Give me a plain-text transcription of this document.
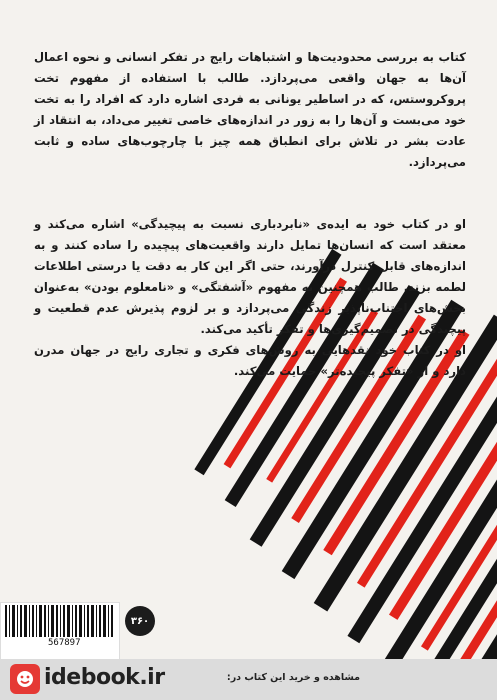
کتاب به بررسی محدودیت‌ها و اشتباهات رایج در تفکر انسانی و نحوه اعمال آن‌ها به جهان واقعی می‌پردازد. طالب با استفاده از مفهوم تخت پروکروستس، که در اساطیر یونانی به فردی اشاره دارد که افراد را به تخت خود می‌بست و آن‌ها را به زور در اندازه‌های خاصی تغییر می‌داد، به انتقاد از عادت بشر در تلاش برای انطباق همه چیز با چارچوب‌های ساده و ثابت می‌پردازد.

او در کتاب خود به ایده‌ی «نابردباری نسبت به پیچیدگی» اشاره می‌کند و معتقد است که انسان‌ها تمایل دارند واقعیت‌های پیچیده را ساده کنند و به اندازه‌های قابل کنترل درآورند، حتی اگر این کار به دقت یا درستی اطلاعات لطمه بزند. طالب همچنین به مفهوم «آشفتگی» و «نامعلوم بودن» به‌عنوان بخش‌های اجتناب‌ناپذیر زندگی می‌پردازد و بر لزوم پذیرش عدم قطعیت و پیچیدگی در تصمیم‌گیری‌ها و تفکر تأکید می‌کند.

او در کتاب خود نقدهایی به روش‌های فکری و تجاری رایج در جهان مدرن دارد و از «تفکر پیچیده‌تر» حمایت می‌کند.

567897
۳۶۰
idebook.ir	مشاهده و خرید این کتاب در:
